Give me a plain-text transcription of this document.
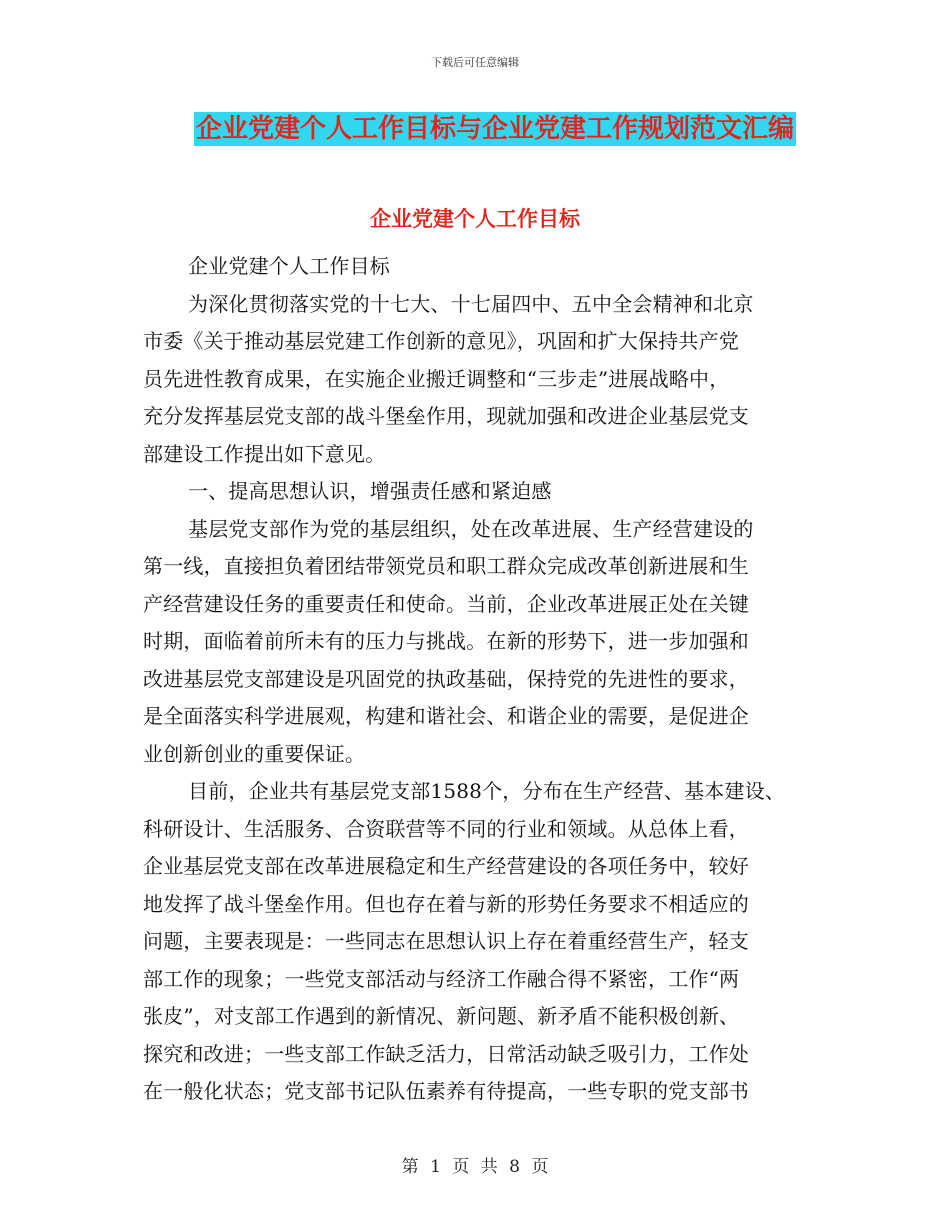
下载后可任意编辑
企业党建个人工作目标与企业党建工作规划范文汇编
企业党建个人工作目标
企业党建个人工作目标
为深化贯彻落实党的十七大、十七届四中、五中全会精神和北京
市委《关于推动基层党建工作创新的意见》，巩固和扩大保持共产党
员先进性教育成果，在实施企业搬迁调整和“三步走”进展战略中，
充分发挥基层党支部的战斗堡垒作用，现就加强和改进企业基层党支
部建设工作提出如下意见。
一、提高思想认识，增强责任感和紧迫感
基层党支部作为党的基层组织，处在改革进展、生产经营建设的
第一线，直接担负着团结带领党员和职工群众完成改革创新进展和生
产经营建设任务的重要责任和使命。当前，企业改革进展正处在关键
时期，面临着前所未有的压力与挑战。在新的形势下，进一步加强和
改进基层党支部建设是巩固党的执政基础，保持党的先进性的要求，
是全面落实科学进展观，构建和谐社会、和谐企业的需要，是促进企
业创新创业的重要保证。
目前，企业共有基层党支部1588个，分布在生产经营、基本建设、
科研设计、生活服务、合资联营等不同的行业和领域。从总体上看，
企业基层党支部在改革进展稳定和生产经营建设的各项任务中，较好
地发挥了战斗堡垒作用。但也存在着与新的形势任务要求不相适应的
问题，主要表现是：一些同志在思想认识上存在着重经营生产，轻支
部工作的现象；一些党支部活动与经济工作融合得不紧密，工作“两
张皮”，对支部工作遇到的新情况、新问题、新矛盾不能积极创新、
探究和改进；一些支部工作缺乏活力，日常活动缺乏吸引力，工作处
在一般化状态；党支部书记队伍素养有待提高，一些专职的党支部书
第 1 页 共 8 页
